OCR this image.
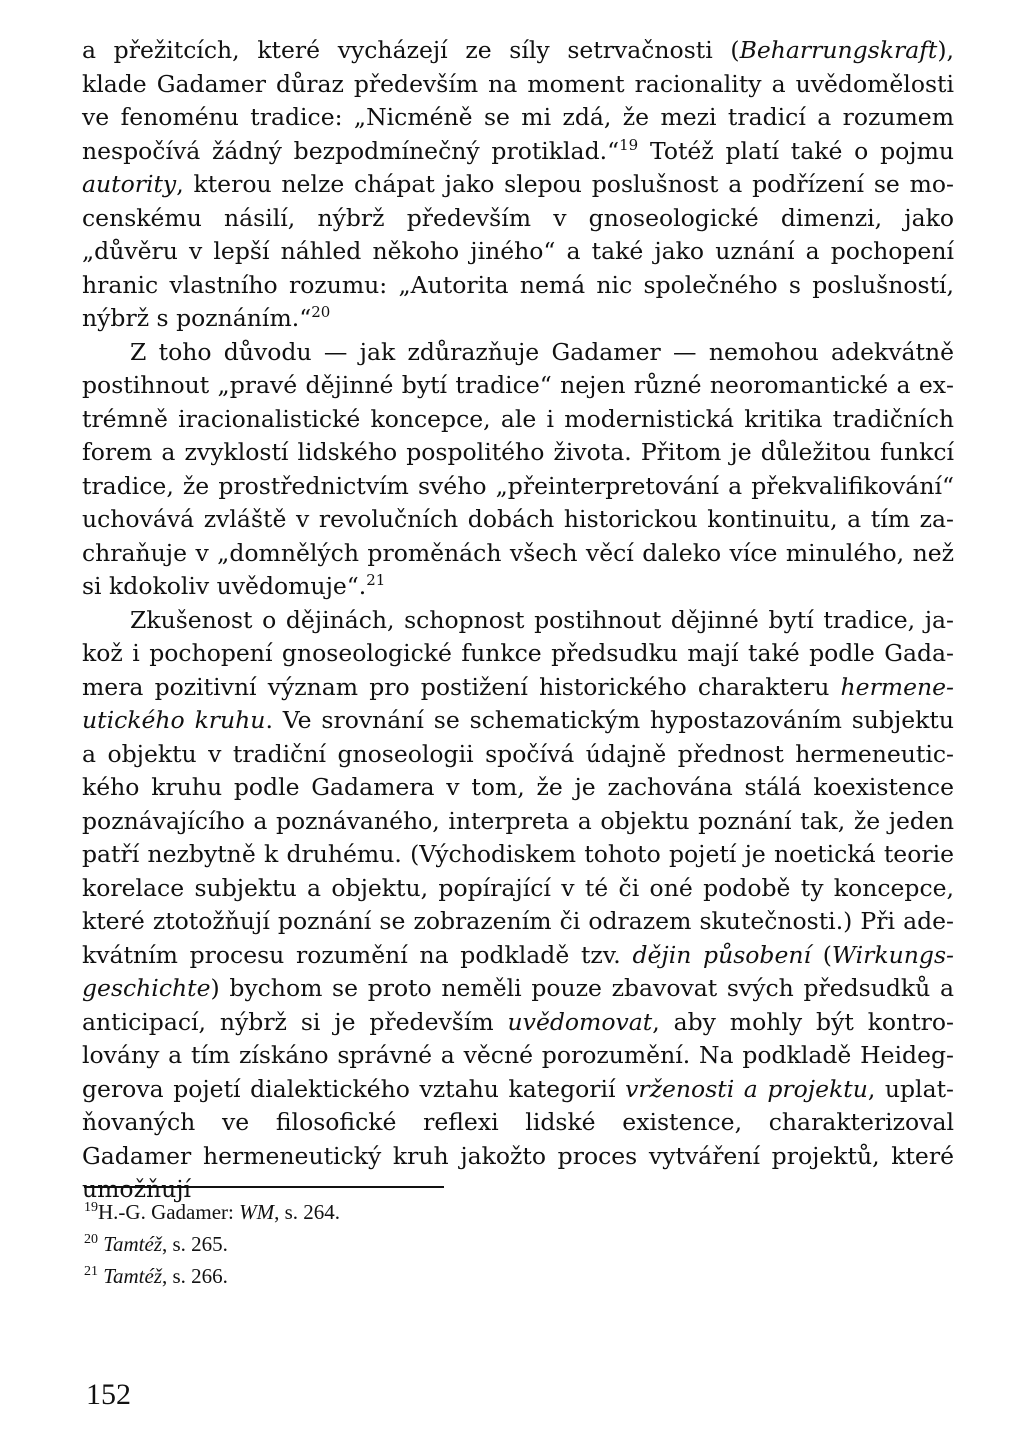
a přežitcích, které vycházejí ze síly setrvačnosti (Beharrungskraft), klade Gadamer důraz především na moment racionality a uvědomělosti ve fenoménu tradice: „Nicméně se mi zdá, že mezi tradicí a rozumem nespočívá žádný bezpodmínečný protiklad.“$^{19}$ Totéž platí také o pojmu autority, kterou nelze chápat jako slepou poslušnost a podřízení se mocenskému násilí, nýbrž především v gnoseologické dimenzi, jako „důvěru v lepší náhled někoho jiného“ a také jako uznání a pochopení hranic vlastního rozumu: „Autorita nemá nic společného s poslušností, nýbrž s poznáním.“$^{20}$

Z toho důvodu — jak zdůrazňuje Gadamer — nemohou adekvátně postihnout „pravé dějinné bytí tradice“ nejen různé neoromantické a extrémně iracionalistické koncepce, ale i modernistická kritika tradičních forem a zvyklostí lidského pospolitého života. Přitom je důležitou funkcí tradice, že prostřednictvím svého „přeinterpretování a překvalifikování“ uchovává zvláště v revolučních dobách historickou kontinuitu, a tím zachraňuje v „domnělých proměnách všech věcí daleko více minulého, než si kdokoliv uvědomuje“.$^{21}$

Zkušenost o dějinách, schopnost postihnout dějinné bytí tradice, jakož i pochopení gnoseologické funkce předsudku mají také podle Gadamera pozitivní význam pro postižení historického charakteru hermeneutického kruhu. Ve srovnání se schematickým hypostazováním subjektu a objektu v tradiční gnoseologii spočívá údajně přednost hermeneutického kruhu podle Gadamera v tom, že je zachována stálá koexistence poznávajícího a poznávaného, interpreta a objektu poznání tak, že jeden patří nezbytně k druhému. (Východiskem tohoto pojetí je noetická teorie korelace subjektu a objektu, popírající v té či oné podobě ty koncepce, které ztotožňují poznání se zobrazením či odrazem skutečnosti.) Při adekvátním procesu rozumění na podkladě tzv. dějin působení (Wirkungsgeschichte) bychom se proto neměli pouze zbavovat svých předsudků a anticipací, nýbrž si je především uvědomovat, aby mohly být kontrolovány a tím získáno správné a věcné porozumění. Na podkladě Heideggerova pojetí dialektického vztahu kategorií vrženosti a projektu, uplatňovaných ve filosofické reflexi lidské existence, charakterizoval Gadamer hermeneutický kruh jakožto proces vytváření projektů, které umožňují

$^{19}$H.-G. Gadamer: WM, s. 264.
$^{20}$ Tamtéž, s. 265.
$^{21}$ Tamtéž, s. 266.
152
